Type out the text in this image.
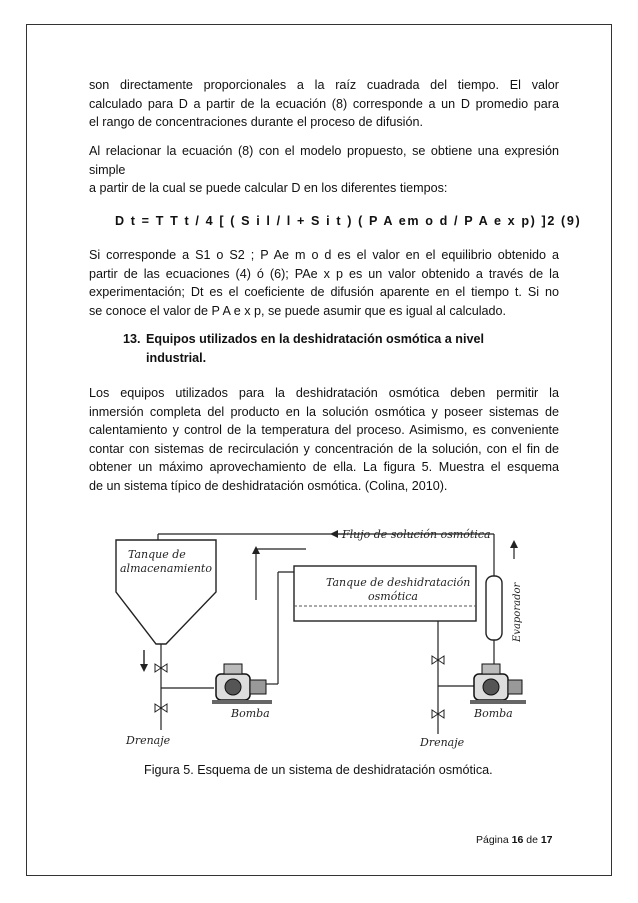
son directamente proporcionales a la raíz cuadrada del tiempo. El valor
calculado para D a partir de la ecuación (8) corresponde a un D promedio para
el rango de concentraciones durante el proceso de difusión.
Al relacionar la ecuación (8) con el modelo propuesto, se obtiene una expresión
simple
a partir de la cual se puede calcular D en los diferentes tiempos:
D t = T T t / 4 [ ( S i l / l + S i t ) ( P A em o d / P A e x p) ]2 (9)
Si corresponde a S1 o S2 ; P Ae m o d es el valor en el equilibrio obtenido a
partir de las ecuaciones (4) ó (6); PAe x p es un valor obtenido a través de la
experimentación; Dt es el coeficiente de difusión aparente en el tiempo t. Si no
se conoce el valor de P A e x p, se puede asumir que es igual al calculado.
13. Equipos utilizados en la deshidratación osmótica a nivel
industrial.
Los equipos utilizados para la deshidratación osmótica deben permitir la
inmersión completa del producto en la solución osmótica y poseer sistemas de
calentamiento y control de la temperatura del proceso. Asimismo, es conveniente
contar con sistemas de recirculación y concentración de la solución, con el fin de
obtener un máximo aprovechamiento de ella. La figura 5. Muestra el esquema
de un sistema típico de deshidratación osmótica. (Colina, 2010).
Flujo de solución osmótica
Tanque de
almacenamiento
Drenaje
Bomba
Tanque de deshidratación
osmótica
Drenaje
Bomba
Evaporador
Figura 5. Esquema de un sistema de deshidratación osmótica.
Página 16 de 17
